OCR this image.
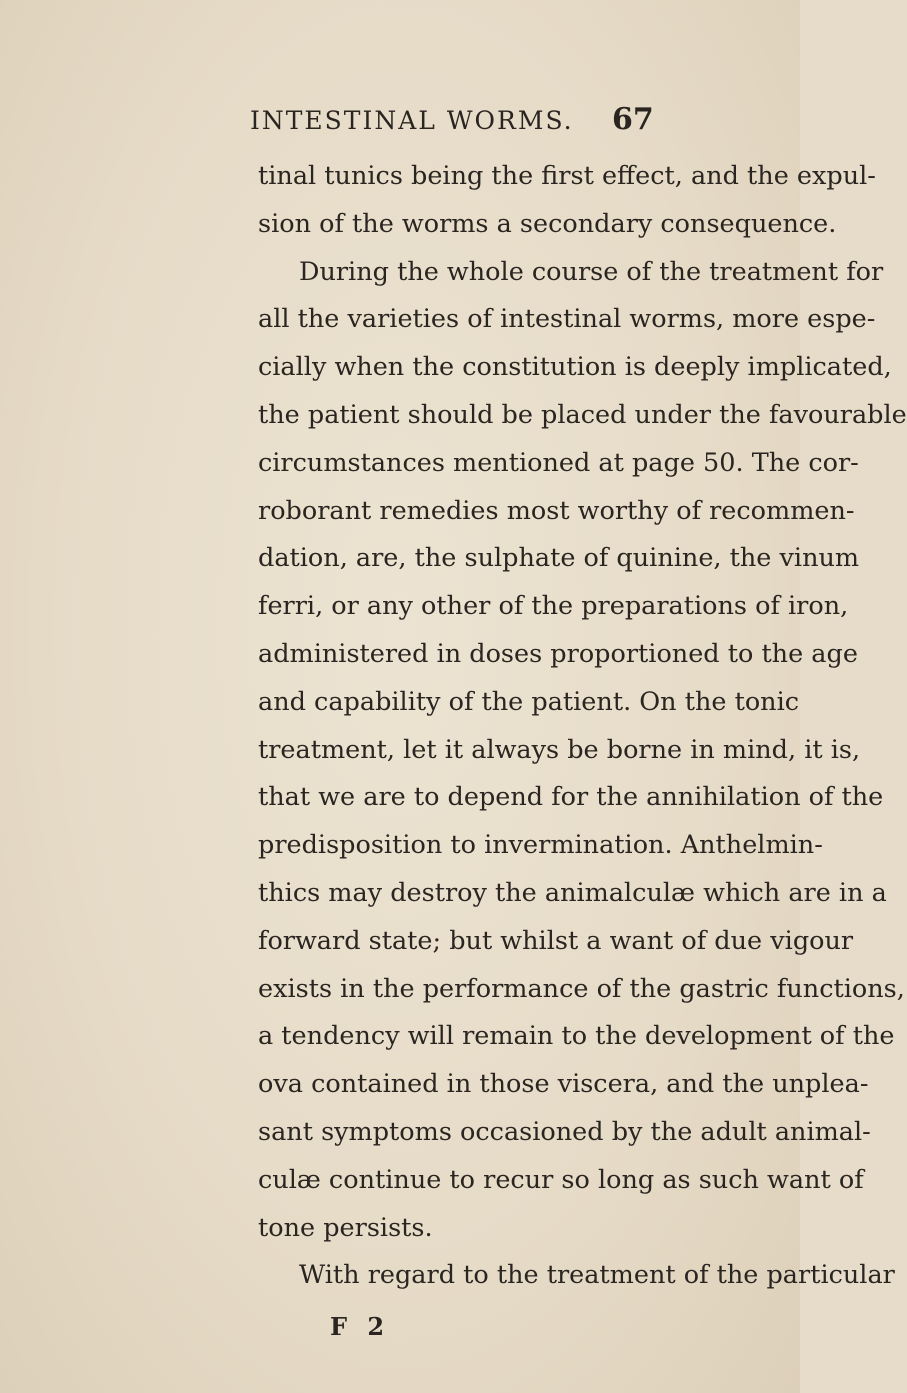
INTESTINAL WORMS. 67
tinal tunics being the first effect, and the expul-
sion of the worms a secondary consequence.
During the whole course of the treatment for
all the varieties of intestinal worms, more espe-
cially when the constitution is deeply implicated,
the patient should be placed under the favourable
circumstances mentioned at page 50. The cor-
roborant remedies most worthy of recommen-
dation, are, the sulphate of quinine, the vinum
ferri, or any other of the preparations of iron,
administered in doses proportioned to the age
and capability of the patient. On the tonic
treatment, let it always be borne in mind, it is,
that we are to depend for the annihilation of the
predisposition to invermination. Anthelmin-
thics may destroy the animalculæ which are in a
forward state; but whilst a want of due vigour
exists in the performance of the gastric functions,
a tendency will remain to the development of the
ova contained in those viscera, and the unplea-
sant symptoms occasioned by the adult animal-
culæ continue to recur so long as such want of
tone persists.
With regard to the treatment of the particular
F 2
